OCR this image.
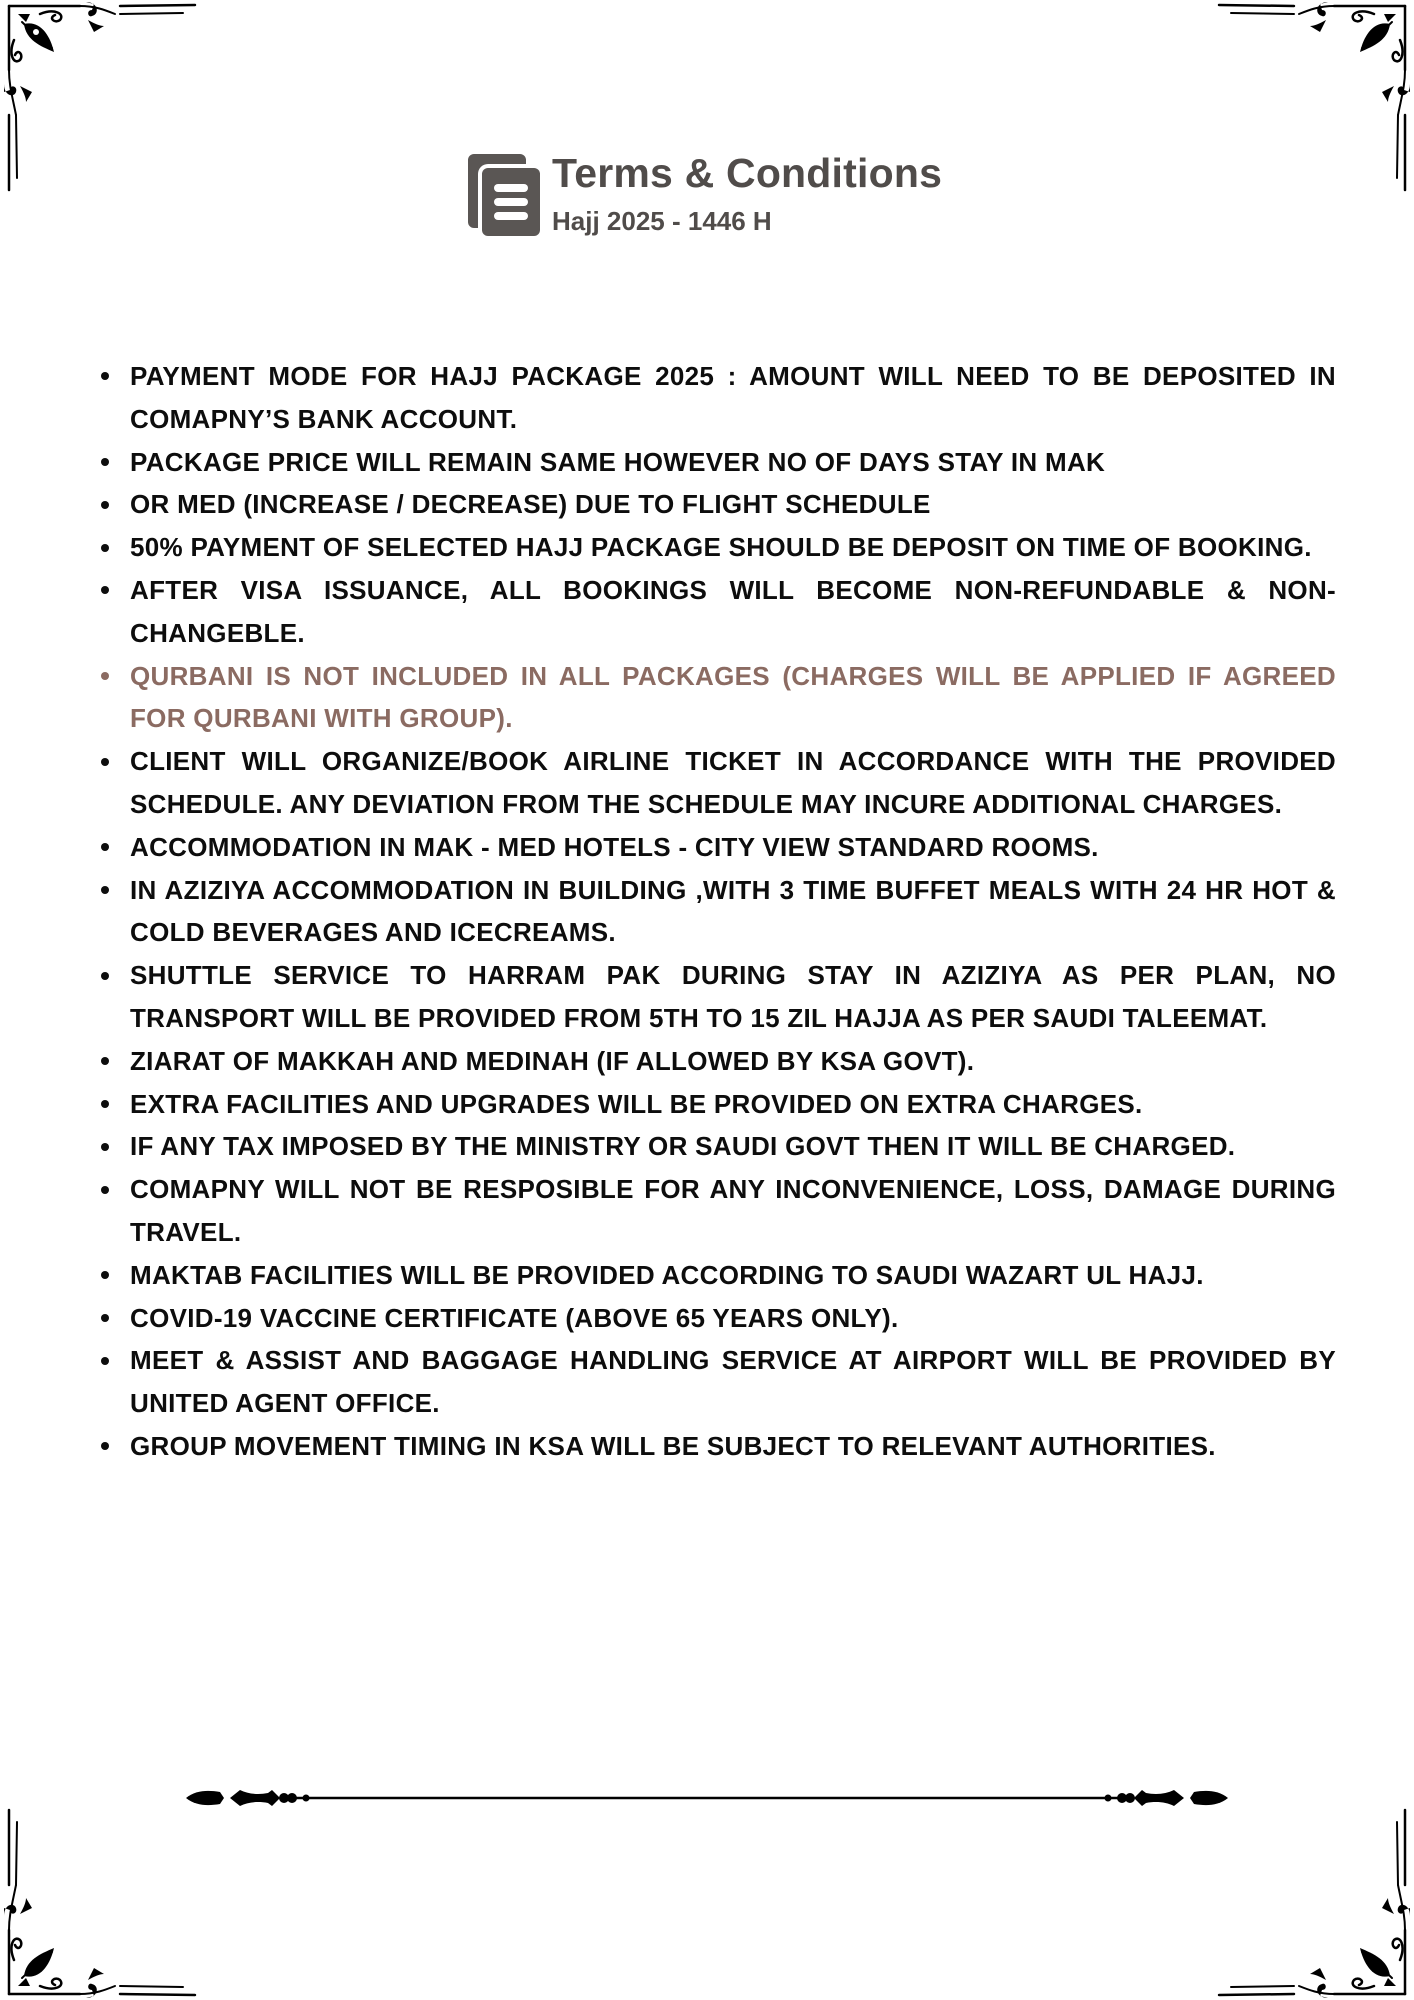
Terms & Conditions
Hajj 2025 - 1446 H
PAYMENT MODE FOR HAJJ PACKAGE 2025 : AMOUNT WILL NEED TO BE DEPOSITED IN COMAPNY’S BANK ACCOUNT.
PACKAGE PRICE WILL REMAIN SAME HOWEVER NO OF DAYS STAY IN MAK
OR MED (INCREASE / DECREASE) DUE TO FLIGHT SCHEDULE
50% PAYMENT OF SELECTED HAJJ PACKAGE SHOULD BE DEPOSIT ON TIME OF BOOKING.
AFTER VISA ISSUANCE, ALL BOOKINGS WILL BECOME NON-REFUNDABLE & NON-CHANGEBLE.
QURBANI IS NOT INCLUDED IN ALL PACKAGES (CHARGES WILL BE APPLIED IF AGREED FOR QURBANI WITH GROUP).
CLIENT WILL ORGANIZE/BOOK AIRLINE TICKET IN ACCORDANCE WITH THE PROVIDED SCHEDULE. ANY DEVIATION FROM THE SCHEDULE MAY INCURE ADDITIONAL CHARGES.
ACCOMMODATION IN MAK - MED HOTELS - CITY VIEW STANDARD ROOMS.
IN AZIZIYA ACCOMMODATION IN BUILDING ,WITH 3 TIME BUFFET MEALS WITH 24 HR HOT & COLD BEVERAGES AND ICECREAMS.
SHUTTLE SERVICE TO HARRAM PAK DURING STAY IN AZIZIYA AS PER PLAN, NO TRANSPORT WILL BE PROVIDED FROM 5TH TO 15 ZIL HAJJA AS PER SAUDI TALEEMAT.
ZIARAT OF MAKKAH AND MEDINAH (IF ALLOWED BY KSA GOVT).
EXTRA FACILITIES AND UPGRADES WILL BE PROVIDED ON EXTRA CHARGES.
IF ANY TAX IMPOSED BY THE MINISTRY OR SAUDI GOVT THEN IT WILL BE CHARGED.
COMAPNY WILL NOT BE RESPOSIBLE FOR ANY INCONVENIENCE, LOSS, DAMAGE DURING TRAVEL.
MAKTAB FACILITIES WILL BE PROVIDED ACCORDING TO SAUDI WAZART UL HAJJ.
COVID-19 VACCINE CERTIFICATE (ABOVE 65 YEARS ONLY).
MEET & ASSIST AND BAGGAGE HANDLING SERVICE AT AIRPORT WILL BE PROVIDED BY UNITED AGENT OFFICE.
GROUP MOVEMENT TIMING IN KSA WILL BE SUBJECT TO RELEVANT AUTHORITIES.
